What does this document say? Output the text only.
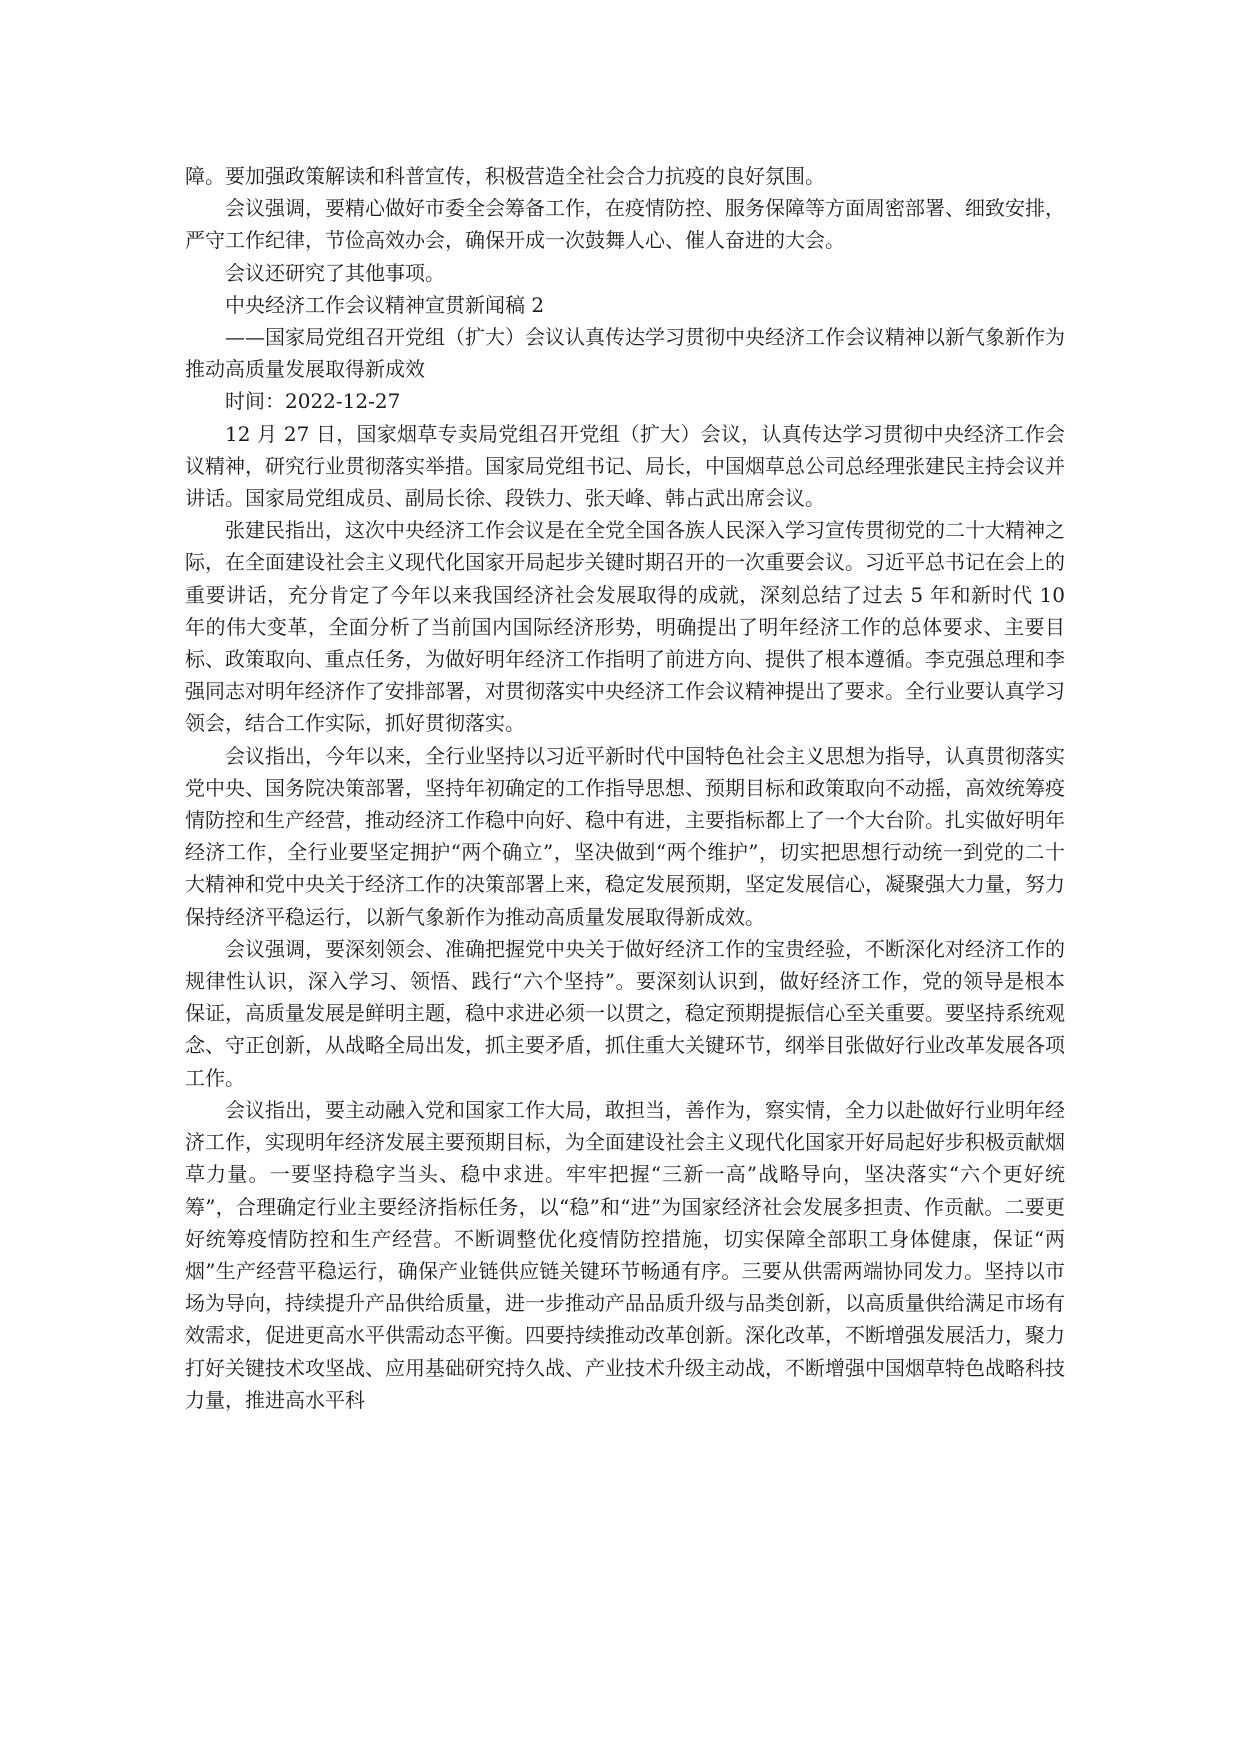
障。要加强政策解读和科普宣传，积极营造全社会合力抗疫的良好氛围。

会议强调，要精心做好市委全会筹备工作，在疫情防控、服务保障等方面周密部署、细致安排，严守工作纪律，节俭高效办会，确保开成一次鼓舞人心、催人奋进的大会。

会议还研究了其他事项。

中央经济工作会议精神宣贯新闻稿 2

——国家局党组召开党组（扩大）会议认真传达学习贯彻中央经济工作会议精神以新气象新作为推动高质量发展取得新成效

时间：2022-12-27

12 月 27 日，国家烟草专卖局党组召开党组（扩大）会议，认真传达学习贯彻中央经济工作会议精神，研究行业贯彻落实举措。国家局党组书记、局长，中国烟草总公司总经理张建民主持会议并讲话。国家局党组成员、副局长徐、段铁力、张天峰、韩占武出席会议。

张建民指出，这次中央经济工作会议是在全党全国各族人民深入学习宣传贯彻党的二十大精神之际，在全面建设社会主义现代化国家开局起步关键时期召开的一次重要会议。习近平总书记在会上的重要讲话，充分肯定了今年以来我国经济社会发展取得的成就，深刻总结了过去 5 年和新时代 10 年的伟大变革，全面分析了当前国内国际经济形势，明确提出了明年经济工作的总体要求、主要目标、政策取向、重点任务，为做好明年经济工作指明了前进方向、提供了根本遵循。李克强总理和李强同志对明年经济作了安排部署，对贯彻落实中央经济工作会议精神提出了要求。全行业要认真学习领会，结合工作实际，抓好贯彻落实。

会议指出，今年以来，全行业坚持以习近平新时代中国特色社会主义思想为指导，认真贯彻落实党中央、国务院决策部署，坚持年初确定的工作指导思想、预期目标和政策取向不动摇，高效统筹疫情防控和生产经营，推动经济工作稳中向好、稳中有进，主要指标都上了一个大台阶。扎实做好明年经济工作，全行业要坚定拥护“两个确立”，坚决做到“两个维护”，切实把思想行动统一到党的二十大精神和党中央关于经济工作的决策部署上来，稳定发展预期，坚定发展信心，凝聚强大力量，努力保持经济平稳运行，以新气象新作为推动高质量发展取得新成效。

会议强调，要深刻领会、准确把握党中央关于做好经济工作的宝贵经验，不断深化对经济工作的规律性认识，深入学习、领悟、践行“六个坚持”。要深刻认识到，做好经济工作，党的领导是根本保证，高质量发展是鲜明主题，稳中求进必须一以贯之，稳定预期提振信心至关重要。要坚持系统观念、守正创新，从战略全局出发，抓主要矛盾，抓住重大关键环节，纲举目张做好行业改革发展各项工作。

会议指出，要主动融入党和国家工作大局，敢担当，善作为，察实情，全力以赴做好行业明年经济工作，实现明年经济发展主要预期目标，为全面建设社会主义现代化国家开好局起好步积极贡献烟草力量。一要坚持稳字当头、稳中求进。牢牢把握“三新一高”战略导向，坚决落实“六个更好统筹”，合理确定行业主要经济指标任务，以“稳”和“进”为国家经济社会发展多担责、作贡献。二要更好统筹疫情防控和生产经营。不断调整优化疫情防控措施，切实保障全部职工身体健康，保证“两烟”生产经营平稳运行，确保产业链供应链关键环节畅通有序。三要从供需两端协同发力。坚持以市场为导向，持续提升产品供给质量，进一步推动产品品质升级与品类创新，以高质量供给满足市场有效需求，促进更高水平供需动态平衡。四要持续推动改革创新。深化改革，不断增强发展活力，聚力打好关键技术攻坚战、应用基础研究持久战、产业技术升级主动战，不断增强中国烟草特色战略科技力量，推进高水平科
